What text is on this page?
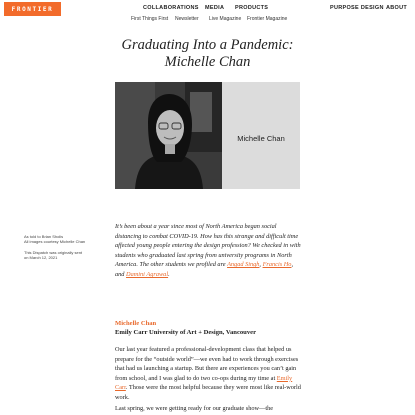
FRONTIER	COLLABORATIONS MEDIA PRODUCTS	PURPOSE DESIGN ABOUT
First Things First Newsletter Live Magazine Frontier Magazine
Graduating Into a Pandemic:
Michelle Chan
Michelle Chan
As told to Brian Sholis
All images courtesy Michelle Chan
This Dispatch was originally sent
on March 12, 2021
It’s been about a year since most of North America began social distancing to combat COVID-19. How has this strange and difficult time affected young people entering the design profession? We checked in with students who graduated last spring from university programs in North America. The other students we profiled are Angad Singh, Francis Ho, and Damini Agrawal.
Michelle Chan
Emily Carr University of Art + Design, Vancouver
Our last year featured a professional-development class that helped us prepare for the “outside world”—we even had to work through exercises that had us launching a startup. But there are experiences you can’t gain from school, and I was glad to do two co-ops during my time at Emily Carr. Those were the most helpful because they were most like real-world work.
Last spring, we were getting ready for our graduate show—the
